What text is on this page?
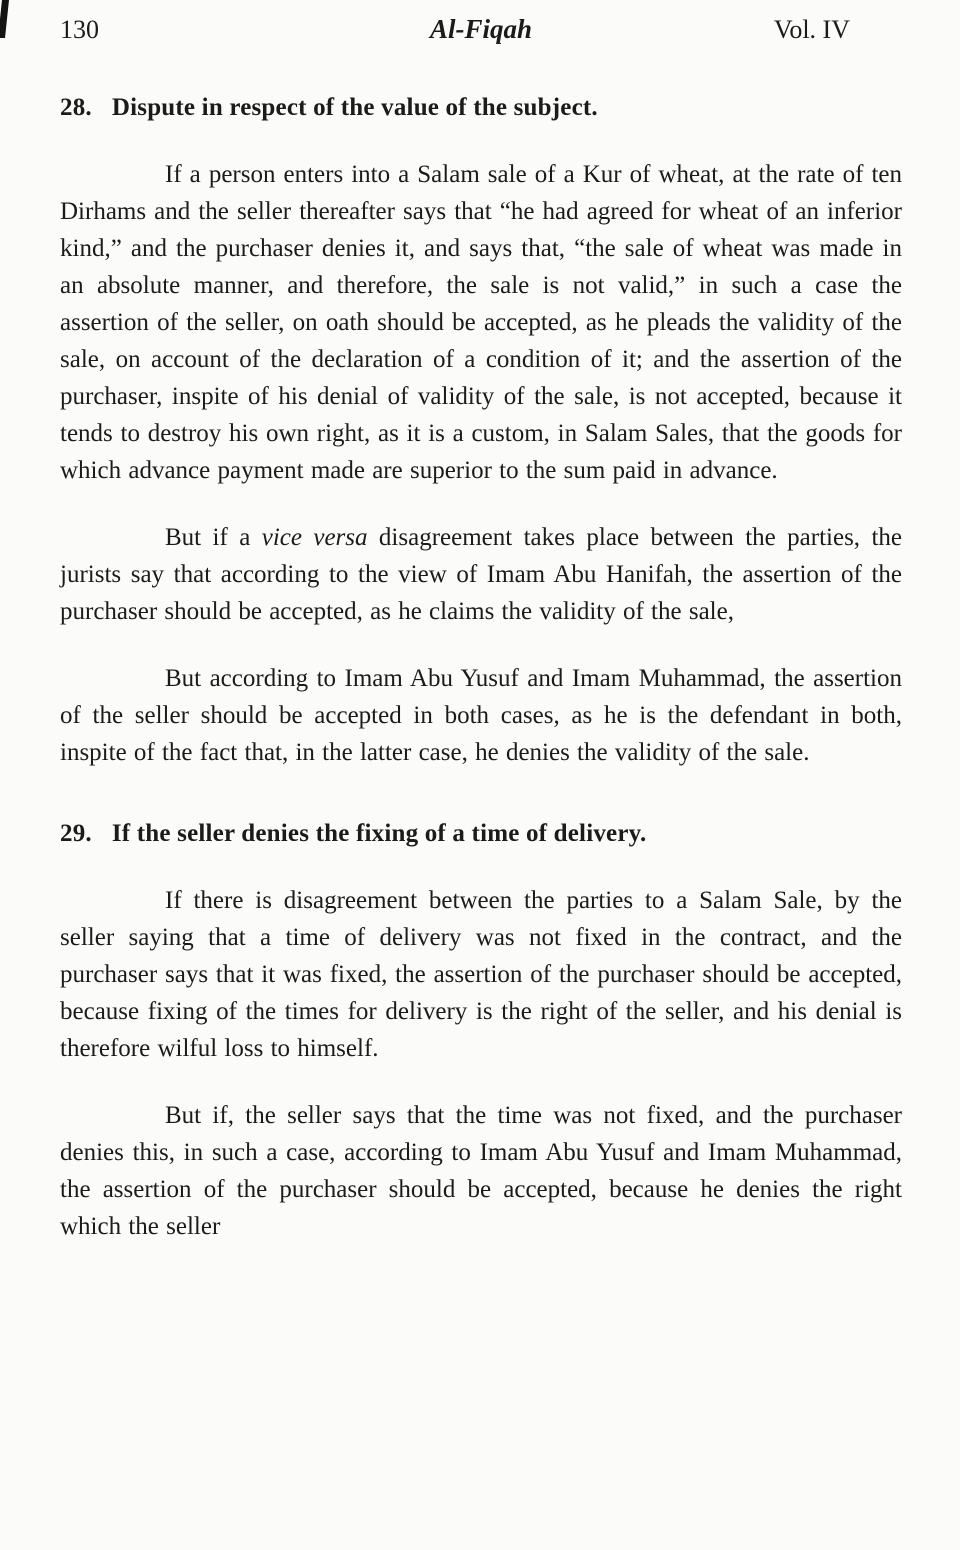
130	Al-Fiqah	Vol. IV
28. Dispute in respect of the value of the subject.

If a person enters into a Salam sale of a Kur of wheat, at the rate of ten Dirhams and the seller thereafter says that “he had agreed for wheat of an inferior kind,” and the purchaser denies it, and says that, “the sale of wheat was made in an absolute manner, and therefore, the sale is not valid,” in such a case the assertion of the seller, on oath should be accepted, as he pleads the validity of the sale, on account of the declaration of a condition of it; and the assertion of the purchaser, inspite of his denial of validity of the sale, is not accepted, because it tends to destroy his own right, as it is a custom, in Salam Sales, that the goods for which advance payment made are superior to the sum paid in advance.

But if a vice versa disagreement takes place between the parties, the jurists say that according to the view of Imam Abu Hanifah, the assertion of the purchaser should be accepted, as he claims the validity of the sale,

But according to Imam Abu Yusuf and Imam Muhammad, the assertion of the seller should be accepted in both cases, as he is the defendant in both, inspite of the fact that, in the latter case, he denies the validity of the sale.

29. If the seller denies the fixing of a time of delivery.

If there is disagreement between the parties to a Salam Sale, by the seller saying that a time of delivery was not fixed in the contract, and the purchaser says that it was fixed, the assertion of the purchaser should be accepted, because fixing of the times for delivery is the right of the seller, and his denial is therefore wilful loss to himself.

But if, the seller says that the time was not fixed, and the purchaser denies this, in such a case, according to Imam Abu Yusuf and Imam Muhammad, the assertion of the purchaser should be accepted, because he denies the right which the seller
